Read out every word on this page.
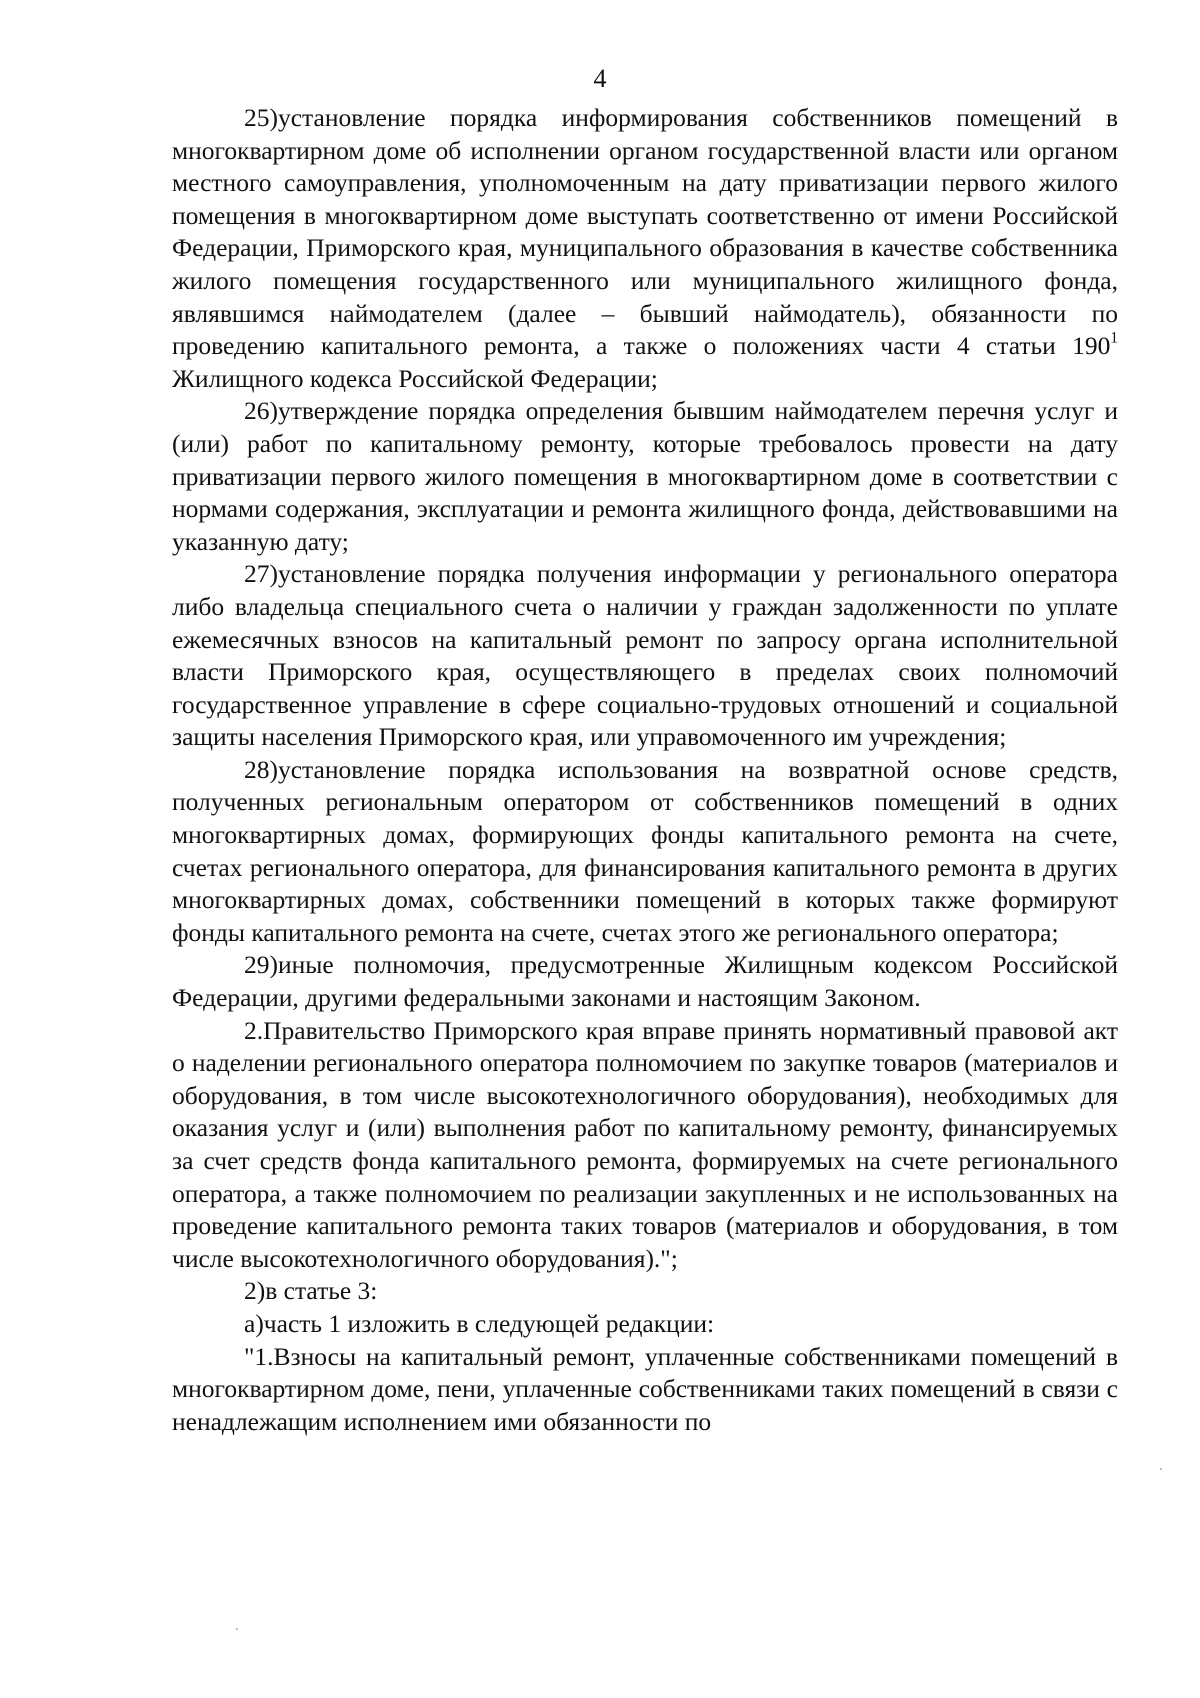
4

25)установление порядка информирования собственников помещений в многоквартирном доме об исполнении органом государственной власти или органом местного самоуправления, уполномоченным на дату приватизации первого жилого помещения в многоквартирном доме выступать соответственно от имени Российской Федерации, Приморского края, муниципального образования в качестве собственника жилого помещения государственного или муниципального жилищного фонда, являвшимся наймодателем (далее – бывший наймодатель), обязанности по проведению капитального ремонта, а также о положениях части 4 статьи $190^1$ Жилищного кодекса Российской Федерации;

26)утверждение порядка определения бывшим наймодателем перечня услуг и (или) работ по капитальному ремонту, которые требовалось провести на дату приватизации первого жилого помещения в многоквартирном доме в соответствии с нормами содержания, эксплуатации и ремонта жилищного фонда, действовавшими на указанную дату;

27)установление порядка получения информации у регионального оператора либо владельца специального счета о наличии у граждан задолженности по уплате ежемесячных взносов на капитальный ремонт по запросу органа исполнительной власти Приморского края, осуществляющего в пределах своих полномочий государственное управление в сфере социально-трудовых отношений и социальной защиты населения Приморского края, или управомоченного им учреждения;

28)установление порядка использования на возвратной основе средств, полученных региональным оператором от собственников помещений в одних многоквартирных домах, формирующих фонды капитального ремонта на счете, счетах регионального оператора, для финансирования капитального ремонта в других многоквартирных домах, собственники помещений в которых также формируют фонды капитального ремонта на счете, счетах этого же регионального оператора;

29)иные полномочия, предусмотренные Жилищным кодексом Российской Федерации, другими федеральными законами и настоящим Законом.

2.Правительство Приморского края вправе принять нормативный правовой акт о наделении регионального оператора полномочием по закупке товаров (материалов и оборудования, в том числе высокотехнологичного оборудования), необходимых для оказания услуг и (или) выполнения работ по капитальному ремонту, финансируемых за счет средств фонда капитального ремонта, формируемых на счете регионального оператора, а также полномочием по реализации закупленных и не использованных на проведение капитального ремонта таких товаров (материалов и оборудования, в том числе высокотехнологичного оборудования).";

2)в статье 3:

а)часть 1 изложить в следующей редакции:

"1.Взносы на капитальный ремонт, уплаченные собственниками помещений в многоквартирном доме, пени, уплаченные собственниками таких помещений в связи с ненадлежащим исполнением ими обязанности по
